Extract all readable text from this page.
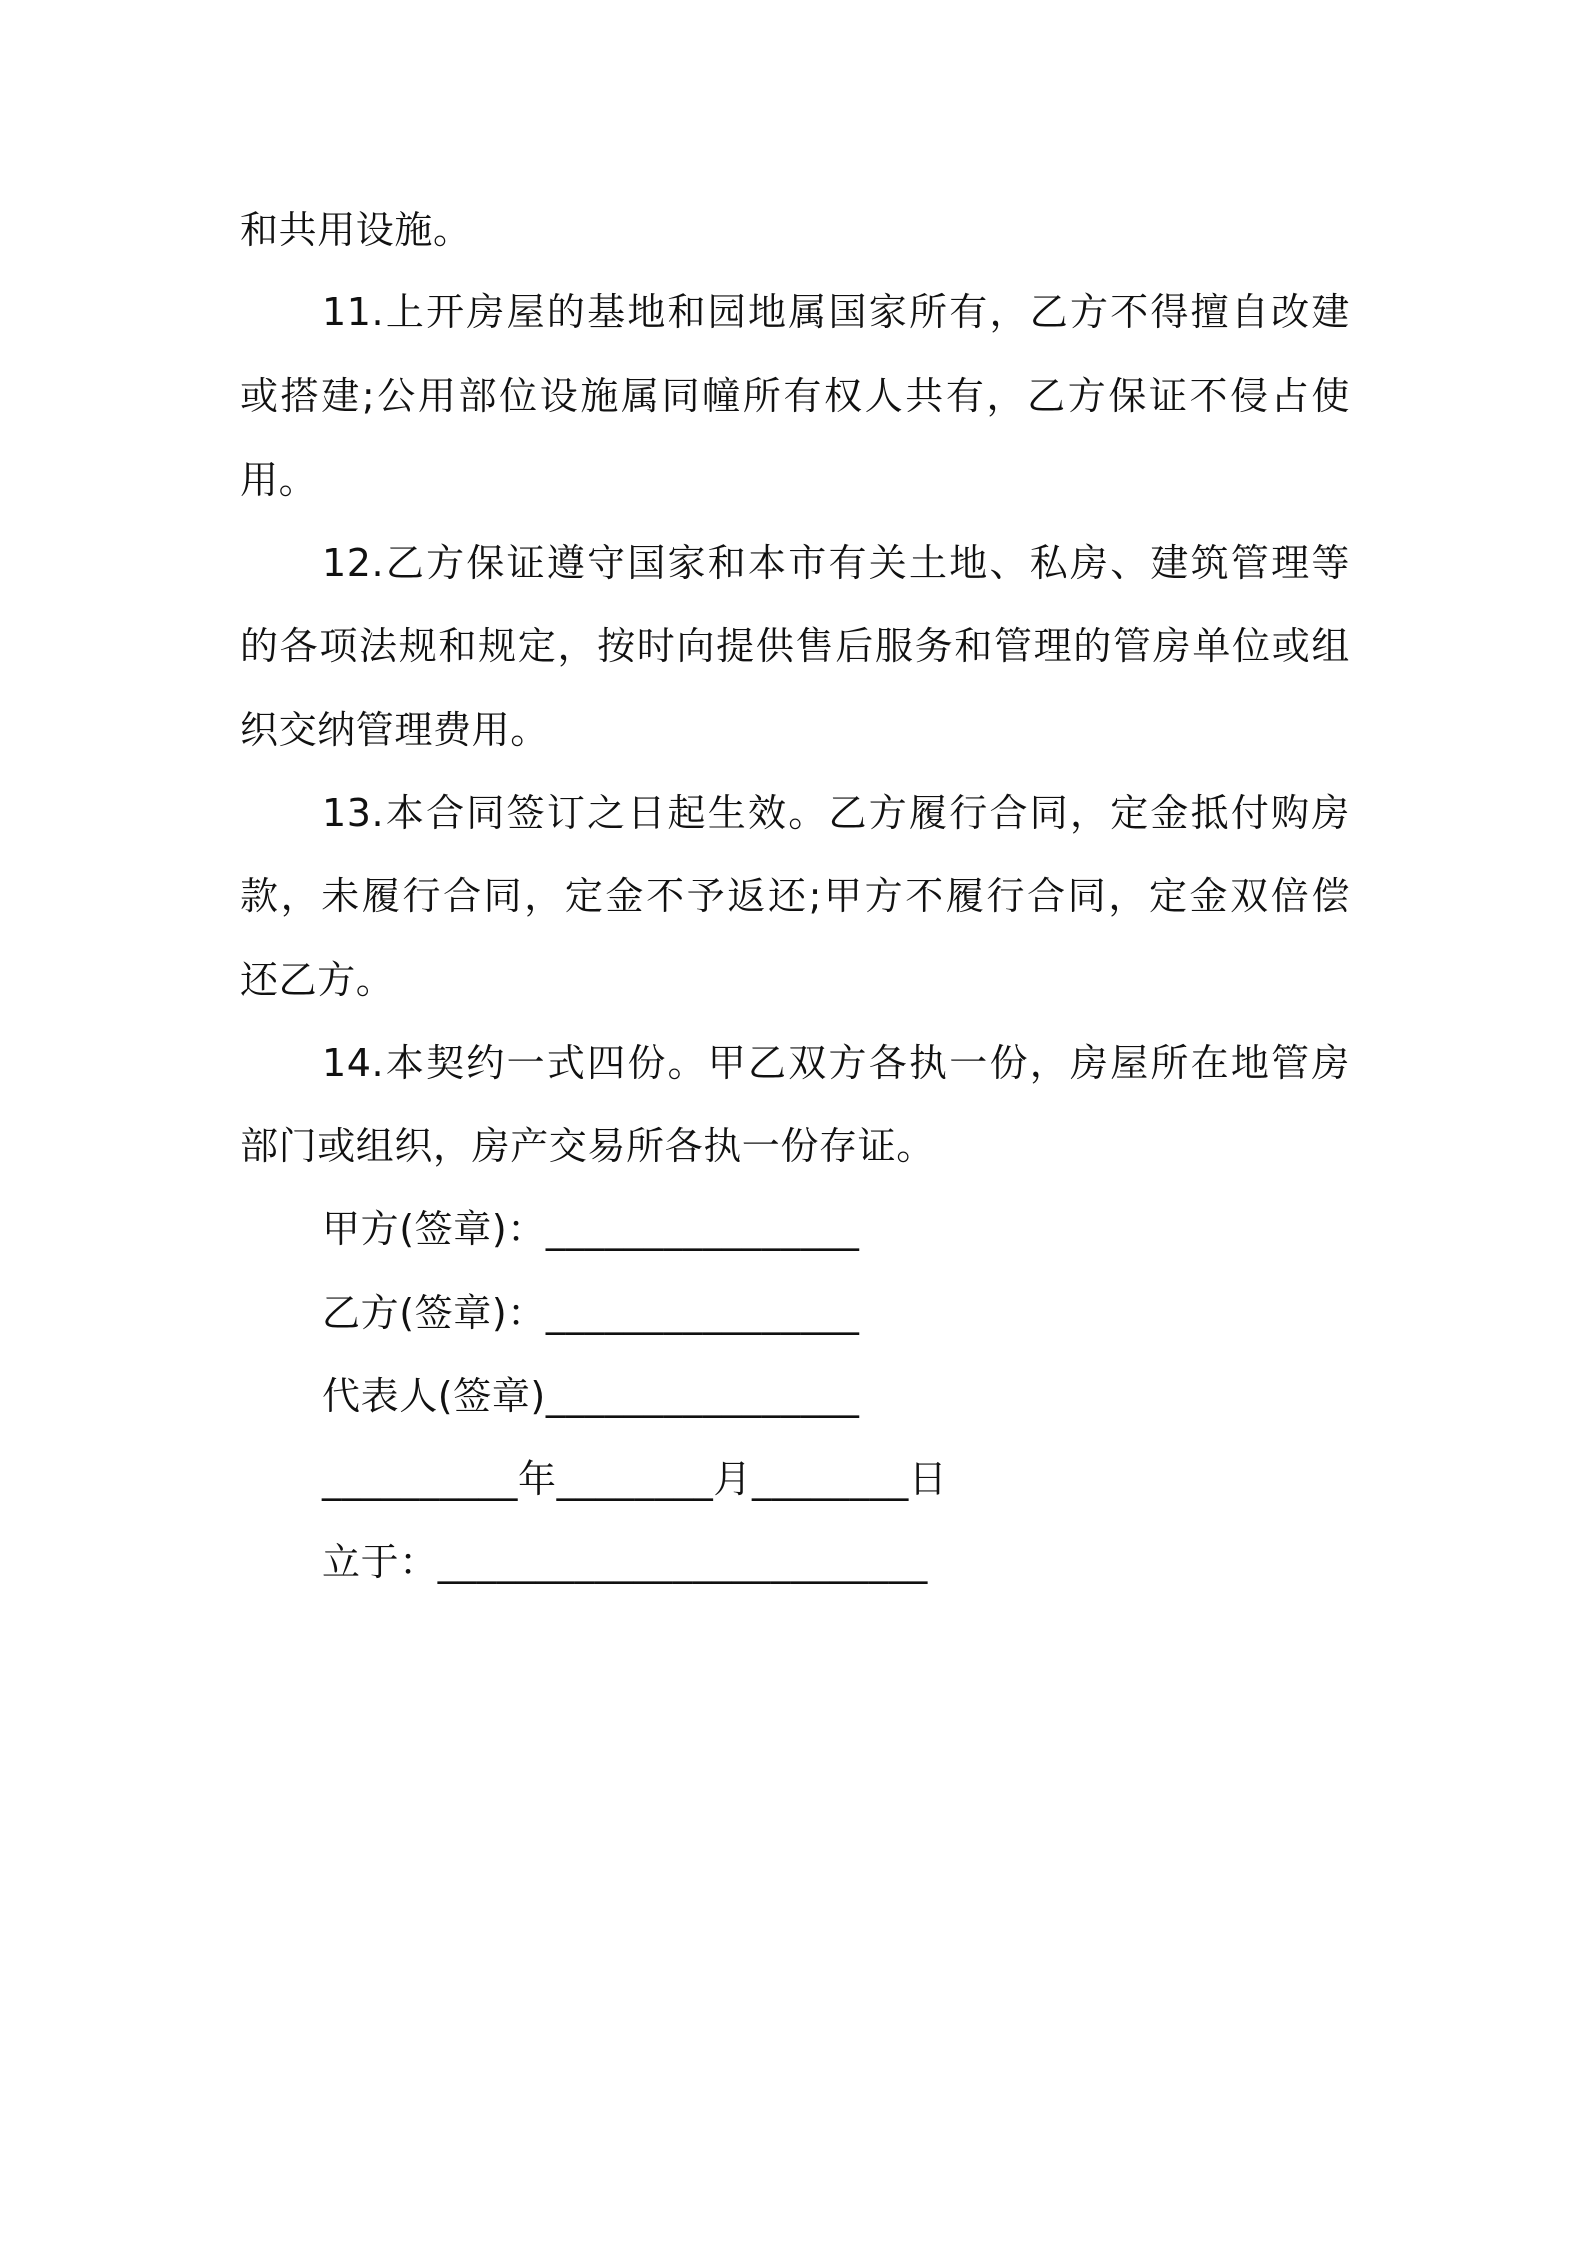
和共用设施。
11.上开房屋的基地和园地属国家所有，乙方不得擅自改建
或搭建;公用部位设施属同幢所有权人共有，乙方保证不侵占使
用。
12.乙方保证遵守国家和本市有关土地、私房、建筑管理等
的各项法规和规定，按时向提供售后服务和管理的管房单位或组
织交纳管理费用。
13.本合同签订之日起生效。乙方履行合同，定金抵付购房
款，未履行合同，定金不予返还;甲方不履行合同，定金双倍偿
还乙方。
14.本契约一式四份。甲乙双方各执一份，房屋所在地管房
部门或组织，房产交易所各执一份存证。
甲方(签章)：________________
乙方(签章)：________________
代表人(签章)________________
__________年________月________日
立于：_________________________
